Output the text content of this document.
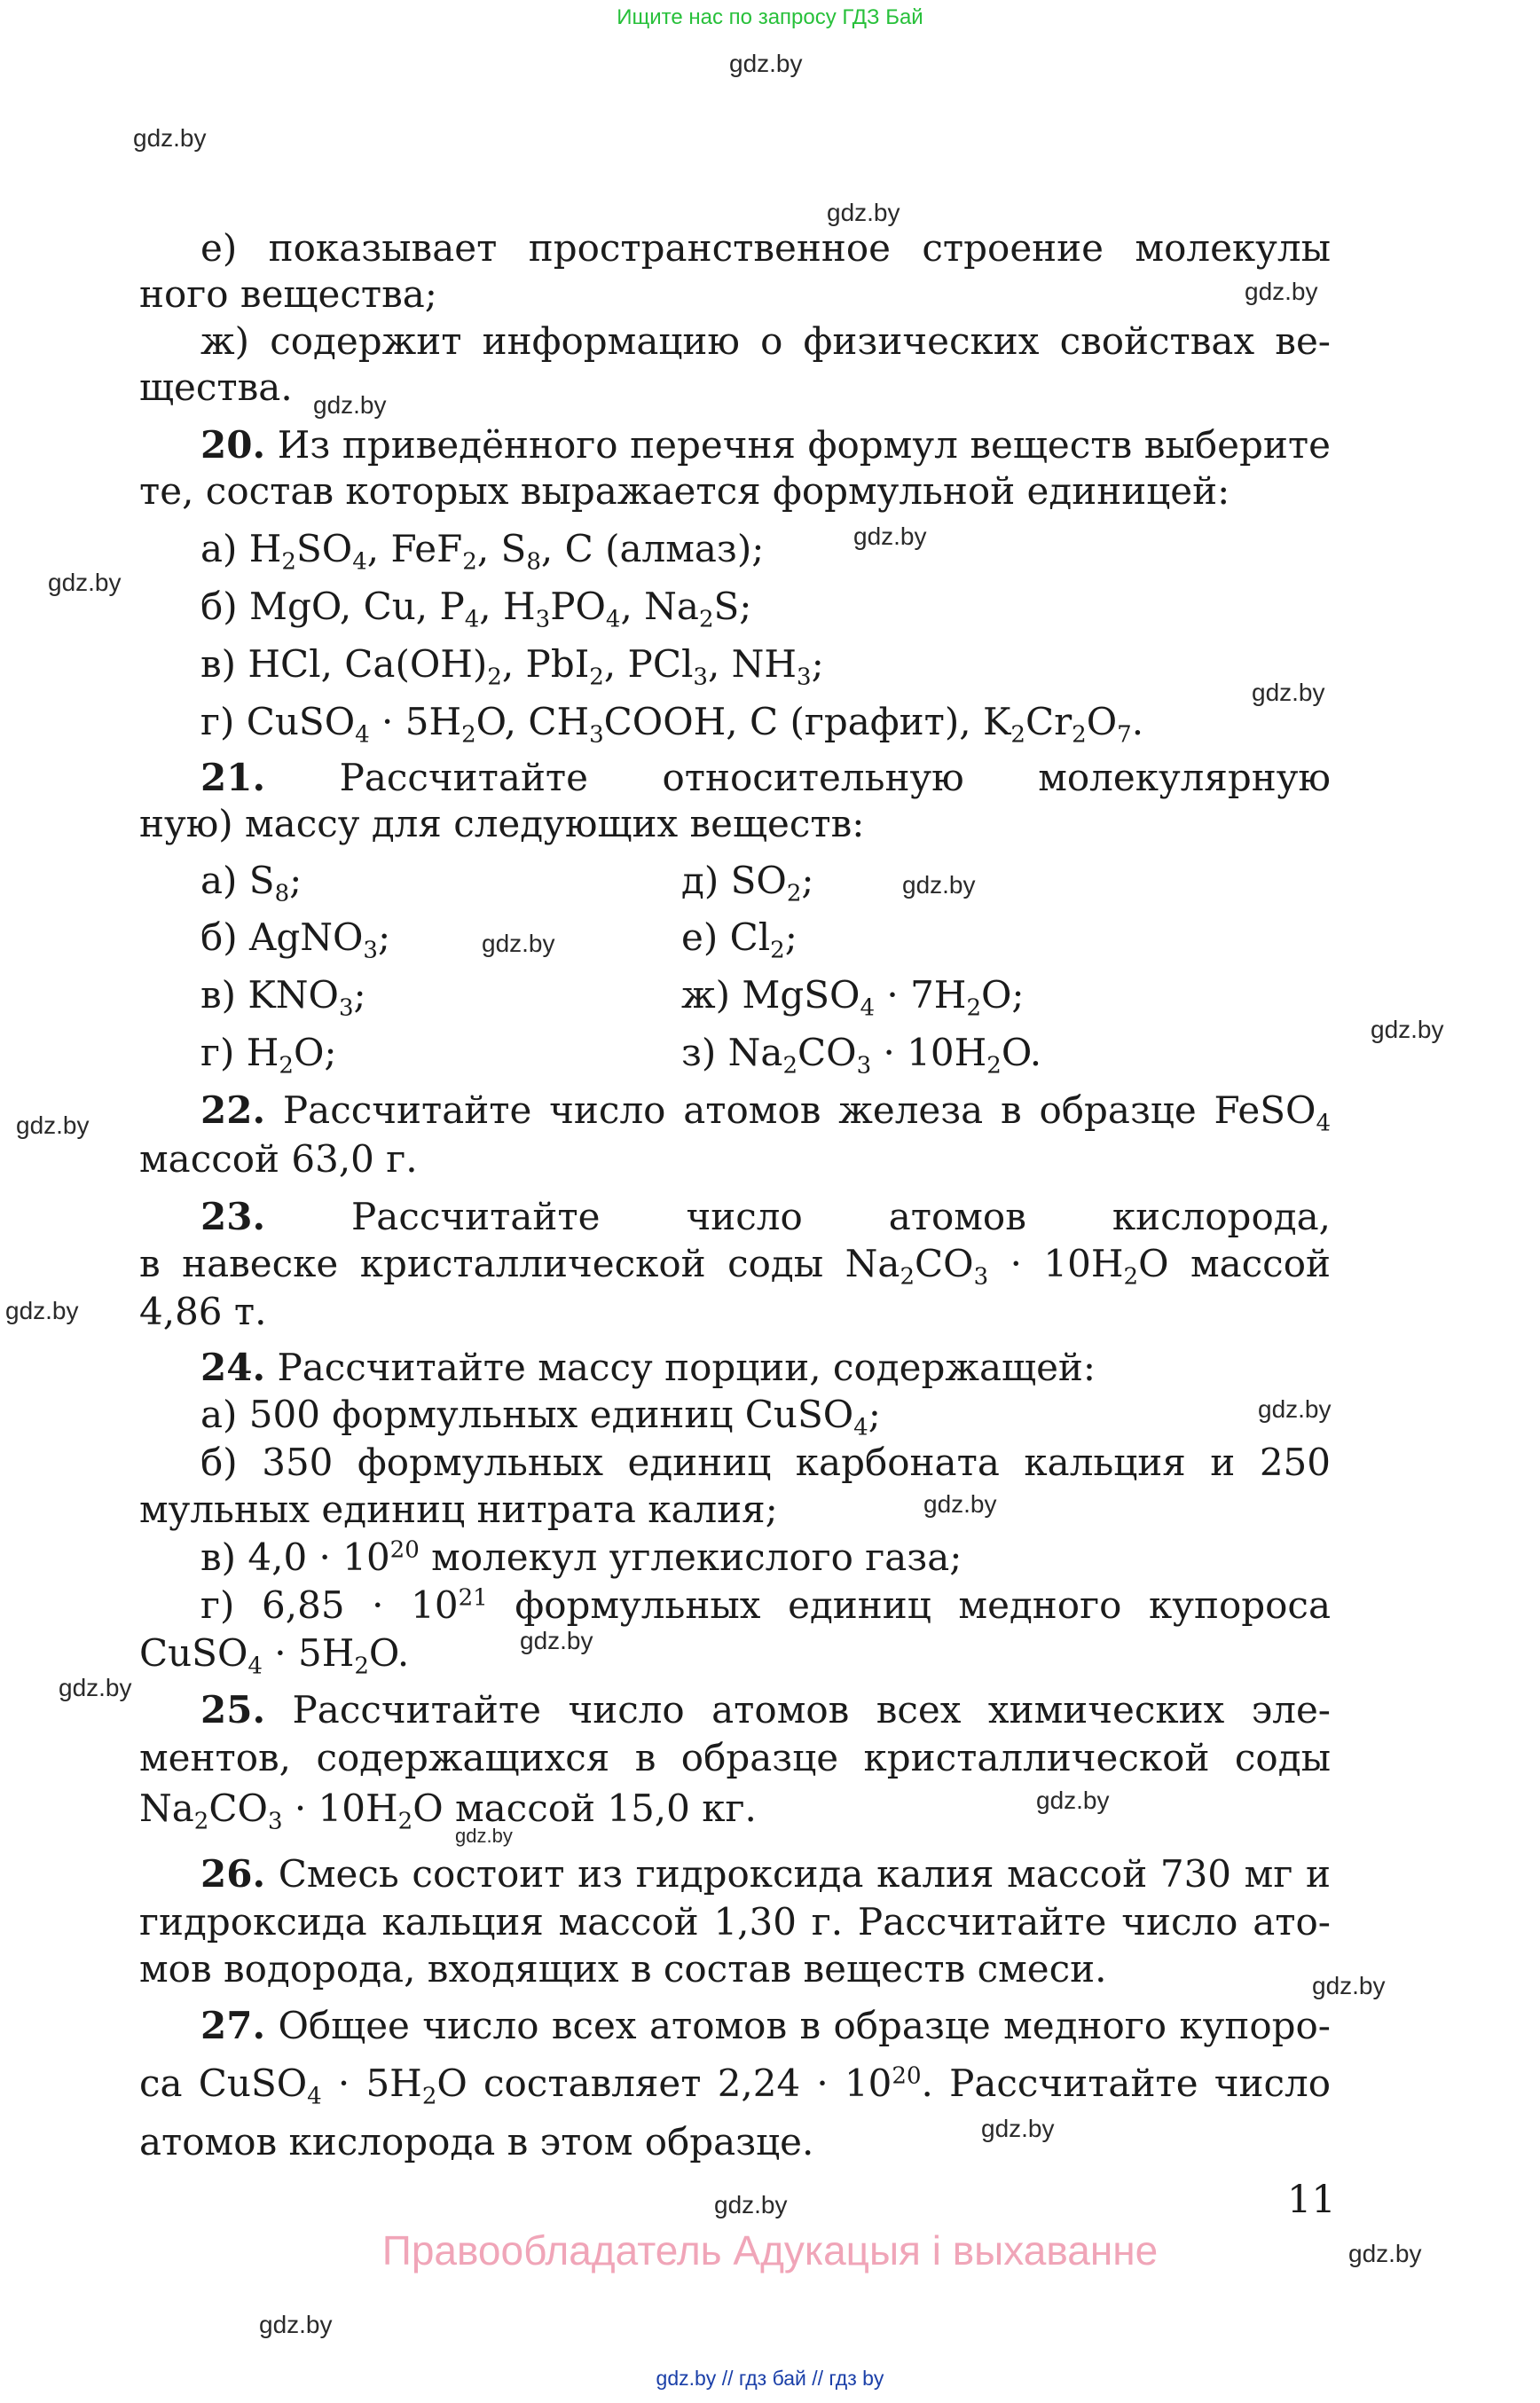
Ищите нас по запросу ГДЗ Бай
gdz.by
gdz.by
gdz.by
gdz.by
gdz.by
gdz.by
gdz.by
gdz.by
gdz.by
gdz.by
gdz.by
gdz.by
gdz.by
gdz.by
gdz.by
gdz.by
gdz.by
gdz.by
gdz.by
gdz.by
gdz.by
gdz.by
gdz.by
gdz.by
е) показывает пространственное строение молекулы
ного вещества;
ж) содержит информацию о физических свойствах ве-
щества.
20. Из приведённого перечня формул веществ выберите
те, состав которых выражается формульной единицей:
а) $H_2SO_4$, FeF$_2$, $S_8$, C (алмаз);
б) MgO, Cu, $P_4$, $H_3PO_4$, $Na_2S$;
в) HCl, $Ca(OH)_2$, PbI$_2$, PCl$_3$, $NH_3$;
г) CuSO$_4$ · $5H_2O$, $CH_3COOH$, C (графит), $K_2Cr_2O_7$.
21. Рассчитайте относительную молекулярную
ную) массу для следующих веществ:
а) $S_8$;	д) $SO_2$;
б) AgNO$_3$;	е) $Cl_2$;
в) $KNO_3$;	ж) MgSO$_4$ · $7H_2O$;
г) $H_2O$;	з) $Na_2CO_3 \cdot 10H_2O$.
22. Рассчитайте число атомов железа в образце FeSO$_4$
массой 63,0 г.
23. Рассчитайте число атомов кислорода,
в навеске кристаллической соды $Na_2CO_3 \cdot 10H_2O$ массой
4,86 т.
24. Рассчитайте массу порции, содержащей:
а) 500 формульных единиц CuSO$_4$;
б) 350 формульных единиц карбоната кальция и 250
мульных единиц нитрата калия;
в) $4,0 \cdot 10^{20}$ молекул углекислого газа;
г) $6,85 \cdot 10^{21}$ формульных единиц медного купороса
CuSO$_4$ · $5H_2O$.
25. Рассчитайте число атомов всех химических эле-
ментов, содержащихся в образце кристаллической соды
$Na_2CO_3 \cdot 10H_2O$ массой 15,0 кг.
26. Смесь состоит из гидроксида калия массой 730 мг и
гидроксида кальция массой 1,30 г. Рассчитайте число ато-
мов водорода, входящих в состав веществ смеси.
27. Общее число всех атомов в образце медного купоро-
са CuSO$_4$ · $5H_2O$ составляет $2,24 \cdot 10^{20}$. Рассчитайте число
атомов кислорода в этом образце.
11
Правообладатель Адукацыя і выхаванне
gdz.by // гдз бай // гдз by
